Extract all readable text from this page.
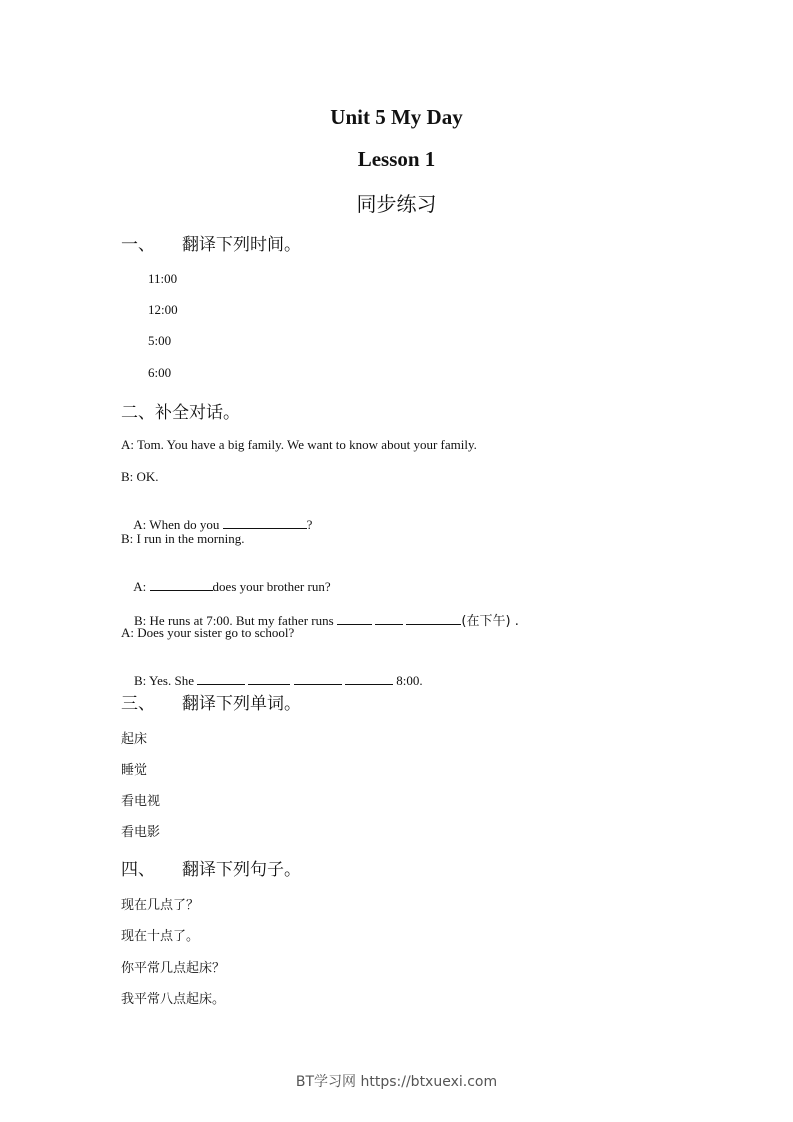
Unit 5 My Day
Lesson 1
同步练习
一、     翻译下列时间。
11:00
12:00
5:00
6:00
二、补全对话。
A: Tom. You have a big family. We want to know about your family.
B: OK.

A: When do you	?

B: I run in the morning.

A:	does your brother run?

B: He runs at 7:00. But my father runs	(在下午) .

A: Does your sister go to school?

B: Yes. She	8:00.

三、     翻译下列单词。
起床
睡觉
看电视
看电影
四、     翻译下列句子。
现在几点了？
现在十点了。
你平常几点起床？
我平常八点起床。
BT学习网 https://btxuexi.com
